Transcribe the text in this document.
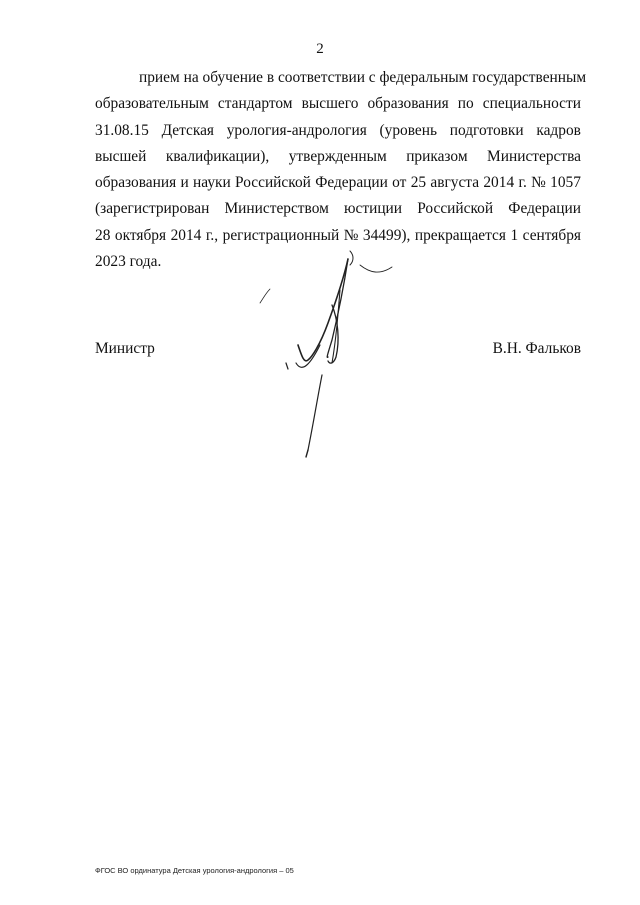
2
прием на обучение в соответствии с федеральным государственным
образовательным стандартом высшего образования по специальности
31.08.15 Детская урология-андрология (уровень подготовки кадров
высшей квалификации), утвержденным приказом Министерства
образования и науки Российской Федерации от 25 августа 2014 г. № 1057
(зарегистрирован Министерством юстиции Российской Федерации
28 октября 2014 г., регистрационный № 34499), прекращается 1 сентября
2023 года.
Министр	В.Н. Фальков
ФГОС ВО ординатура Детская урология-андрология – 05
